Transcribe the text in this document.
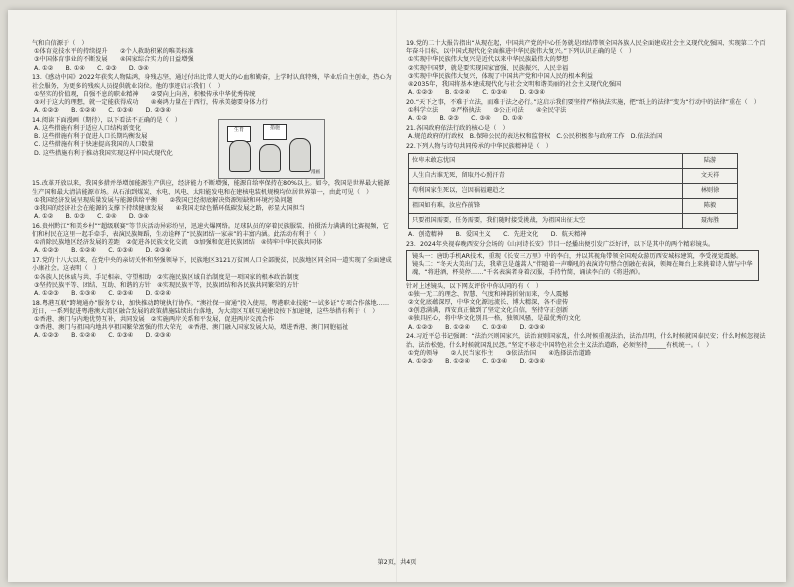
气和自信源于（　）
①体育竞技水平的持续提升　　 ②个人救助积累的唯美标准
③中国体育事业的不断发展　　 ④国家综合实力的日益增强
A. ①②　　B. ①④　　C. ②③　　D. ③④
13.《感动中国》2022年获奖人物陆鸿，身残志坚，通过付出比常人更大的心血和勤奋，上学时认真特殊，毕业后自主创业，热心为社会服务，为更多的残疾人员提供就业岗位。他的事迹启示我们（　）
①坚实的价值观，自强不息的职业精神　　 ②要向上向善，积极传承中华优秀传统
③对于这大的理想，就一定能获得成功　　 ④奏鸿力量在于西行，传承美德要身体力行
A. ①②③　　B. ①②④　　C. ①③④　　D. ②③④
14.阅读下面漫画（期待），以下看法不正确的是（　）
A. 这些措施有利于适应人口结构新变化
B. 这些措施有利于促进人口长期均衡发展
C. 这些措施有利于快速提高我国的人口数量
D. 这些措施有利于推动我国实现这样中国式现代化
生育	措施
漫画
15.改革开放以来，我国多措并举增加能源生产供应，经济能力不断增强，能源自给率保持在80%以上。如今，我国是世界最大能源生产国和最大清洁能源市场。从石油到煤炭、水电、风电、太阳能发电和在建核电装机规模均位居世界第一，由此可见（　）
①我国经济发展呈现质量发展与能源供给平衡　　 ②我国已经彻底解决资源短缺和环境污染问题
③我国的经济社会在能源的支撑下持续健康发展　　 ④我国走绿色循环低碳发展之路，彰显大国担当
A. ①②　　B. ①③　　C. ②④　　D. ③④
16.贵州黔江“和美乡村”“超级联赛”等节庆活动异彩纷呈，迅速火爆网络。足球队员的穿着民族服装、拍摄活力满满的比赛视频，它们和村民在这里一起手牵手，表演民族舞蹈，生动诠释了“民族团结一家亲”的丰富内涵。此活动有利于（　）
①消除民族地区经济发展的差距　 ②促进各民族文化交流　 ③加强和促进民族团结　 ④铸牢中华民族共同体
A. ①②③　　B. ①②④　　C. ①③④　　D. ②③④
17.党的十八大以来，在党中央的亲切关怀和坚强领导下，民族地区3121万贫困人口全部脱贫，民族地区同全国一道实现了全面建成小康社会。这表明（　）
①各族人民休戚与共、手足相亲、守望相助　 ②实施民族区域自治制度是一项国家的根本政治制度
③坚持民族平等、团结、互助、和谐的方针　 ④实现民族平等，民族团结和各民族共同繁荣的方针
A. ①②③　　B. ①③④　　C. ②③④　　D. ①②④
18.粤港互联“跨境通办”服务专业，加快推动跨境执行协作。“澳社保一窗通”投入使用，粤港职业技能“一试多证”专项合作落地……近日，一系列促进粤港澳大湾区融合发展的政策措施陆续出台落地，为大湾区互联互通建设按下加速键，这些举措有利于（　）
①香港、澳门与内地优势互补，共同发展　 ②实施两岸关系和平发展，促进两岸交流合作
③香港、澳门与祖国内地共享祖国繁荣富强的伟大荣光　 ④香港、澳门融入国家发展大局，增进香港、澳门同胞福祉
A. ①②③　　B. ①②④　　C. ①③④　　D. ②③④
19.党的二十大报告指出“从现在起，中国共产党的中心任务就是团结带领全国各族人民全面建成社会主义现代化强国、实现第二个百年奋斗目标，以中国式现代化全面推进中华民族伟大复兴。”下列认识正确的是（　）
①实现中华民族伟大复兴是近代以来中华民族最伟大的梦想
②实现中国梦，就是要实现国家富强、民族振兴、人民幸福
③实现中华民族伟大复兴，体现了中国共产党和中国人民的根本利益
④2035年，我国将基本建成现代化与社会文明和谐美丽的社会主义现代化强国
A. ①②③　　B. ①②④　　C. ①③④　　D. ②③④
20.“天下之事，不难于立法，而难于法之必行。”这启示我们要坚持严格执法实施，把“纸上的法律”变为“行动中的法律”重在（　）
①科学立法　　②严格执法　　③公正司法　　④全民守法
A. ①②　　B. ②③　　C. ③④　　D. ①④
21.各国政府依法行政的核心是（　）
A.规范政府的行政权　B.保障公民的表达权和监督权　C.公民积极参与政府工作　D.依法治国
22.下列人物与诗句共同传承的中华民族精神是（　）
位卑未敢忘忧国	陆游
人生自古谁无死，留取丹心照汗青	文天祥
苟利国家生死以，岂因祸福避趋之	林则徐
祖国如有难，汝应作前锋	陈毅
只要祖国需要，任务需要，我们随时接受挑战，为祖国出征太空	聂海胜
A．创造精神　　B．爱国主义　　C．先进文化　　D．航天精神
23．2024年央视春晚西安分会场的《山河诗长安》节目一经播出便引发广泛好评，以下是其中的两个精彩镜头。
镜头一：唐助手机AR技术，重现《长安三万里》中的李白，并以其视角带领全国观众游历西安城标建筑，李受视觉震撼。
镜头二：“冬天大美出门去，我辈岂是蓬蒿人”伴随着一声嘶吼的表演诗句整合创融在表演，领舞在舞台上来挑着诗人情与中华魂，“将进酒，杯莫停……”千名表演者身着汉服，手持竹简，诵读李白的《将进酒》。
针对上述镜头，以下网友评价中你认同的有（　）
①独一无二的理念、智慧、气度和神韵折射而来，令人震撼
②文化底蕴深厚，中华文化源远流长、博大精深，各不虚传
③创意满满，西安真正做到了坚定文化自信，坚持守正创新
④独具匠心，将中华文化别具一格，独领风骚，是最优秀的文化
A. ①②③　　B. ①②④　　C. ①③④　　D. ②③④
24.习近平总书记强调：“法治兴则国家兴，法治衰则国家乱，什么时候重视法治，法治昌明，什么时候就国泰民安；什么时候忽视法治、法治松弛，什么时候就国乱民怨。”坚定不移走中国特色社会主义法治道路，必须坚持______有机统一。（　）
①党的领导　　②人民当家作主　　③依法治国　　④选择法治道路
A. ①②③　　B. ①②④　　C. ①③④　　D. ②③④
第2页，共4页
